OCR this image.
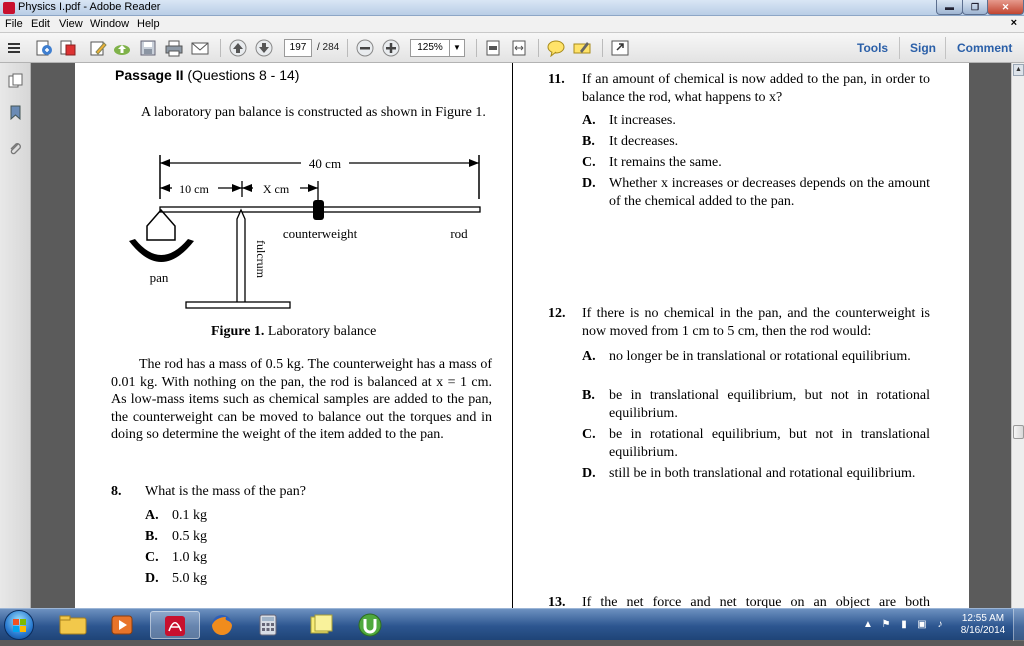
Physics I.pdf - Adobe Reader	▬	❐	✕
File Edit View Window Help	×
197	/ 284	125%	▼	Tools Sign Comment
Passage II (Questions 8 - 14)
A laboratory pan balance is constructed as shown in Figure 1.
40 cm
10 cm	X cm
counterweight	rod
pan	fulcrum
Figure 1. Laboratory balance
The rod has a mass of 0.5 kg. The counterweight has a mass of 0.01 kg. With nothing on the pan, the rod is balanced at x = 1 cm. As low-mass items such as chemical samples are added to the pan, the counterweight can be moved to balance out the torques and in doing so determine the weight of the item added to the pan.
8. What is the mass of the pan?
A. 0.1 kg
B. 0.5 kg
C. 1.0 kg
D. 5.0 kg
11. If an amount of chemical is now added to the pan, in order to balance the rod, what happens to x?
A. It increases.
B. It decreases.
C. It remains the same.
D. Whether x increases or decreases depends on the amount of the chemical added to the pan.
12. If there is no chemical in the pan, and the counterweight is now moved from 1 cm to 5 cm, then the rod would:
A. no longer be in translational or rotational equilibrium.
B. be in translational equilibrium, but not in rotational equilibrium.
C. be in rotational equilibrium, but not in translational equilibrium.
D. still be in both translational and rotational equilibrium.
13. If the net force and net torque on an object are both
▲
▲ ⚑	▮	▣	♪
12:55 AM
8/16/2014
